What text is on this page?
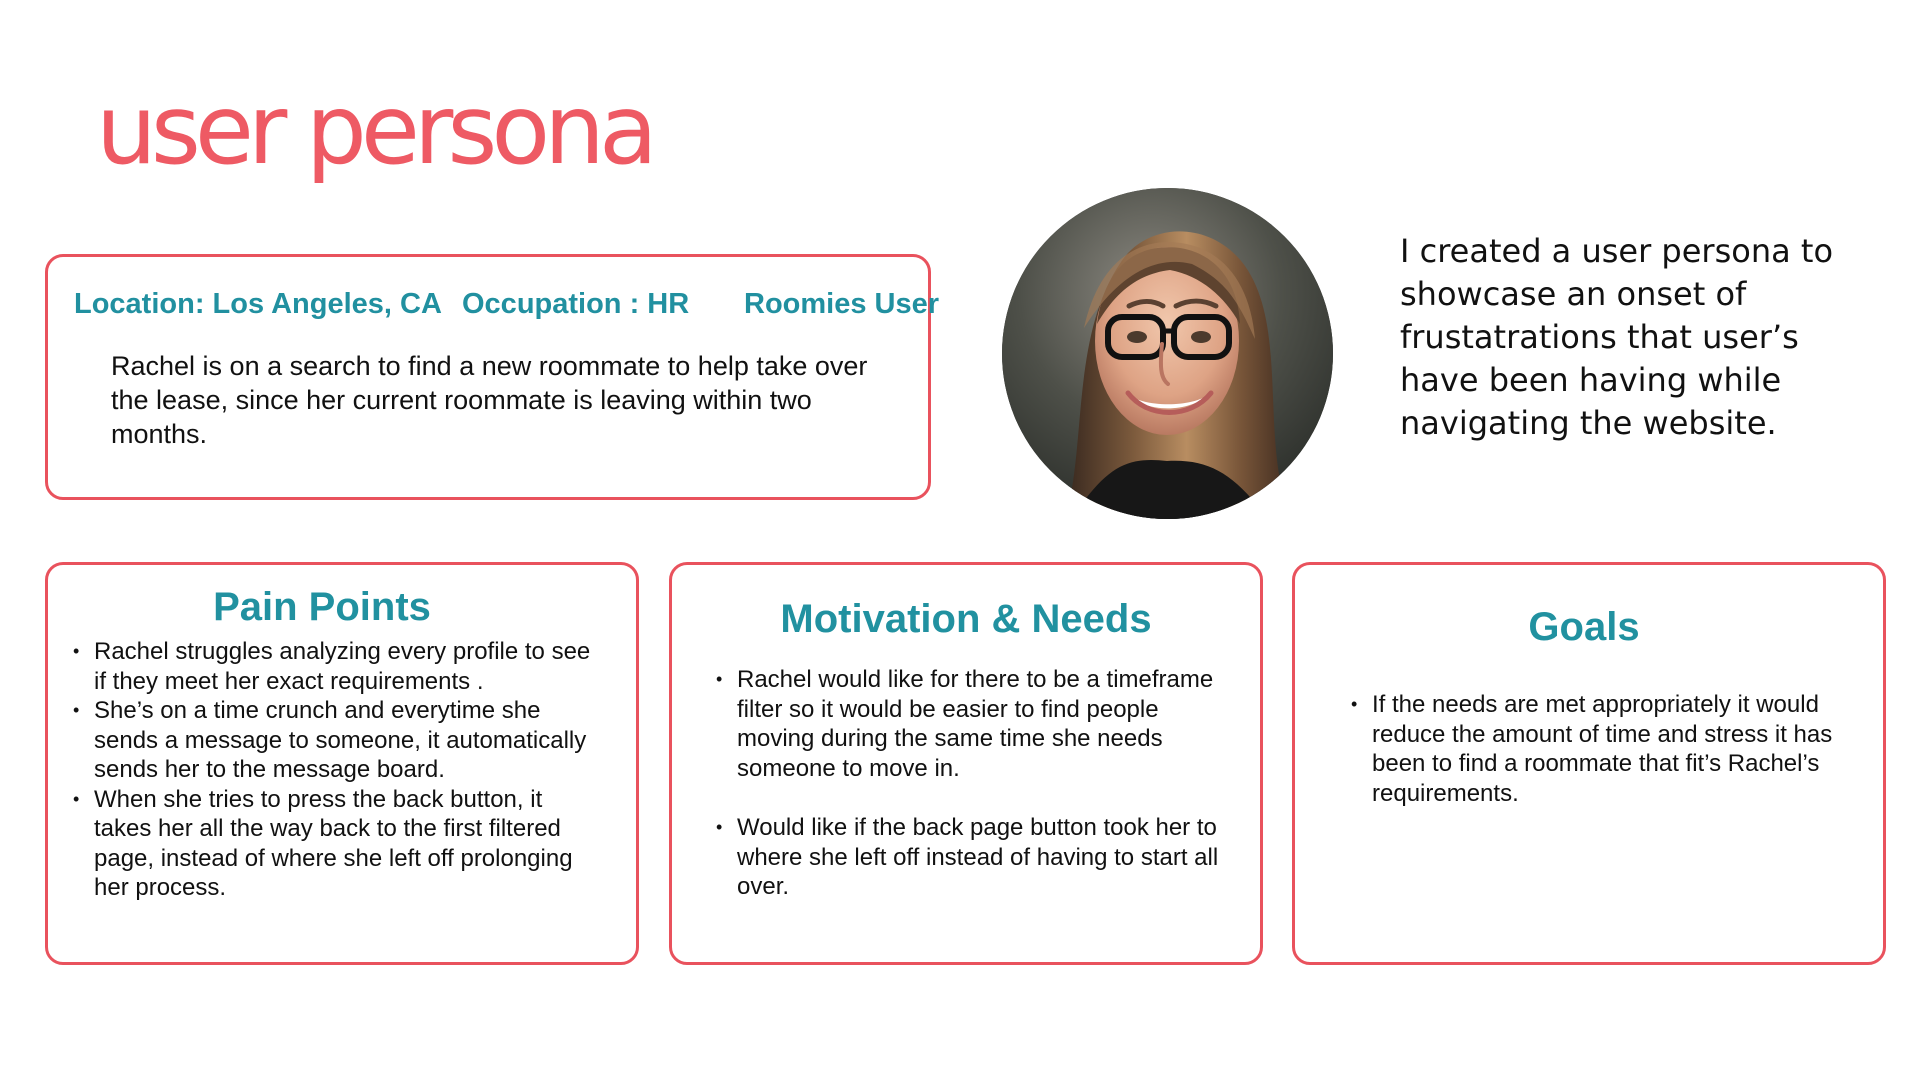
user persona
Location: Los Angeles, CA Occupation : HR Roomies User

Rachel is on a search to find a new roommate to help take over the lease, since her current roommate is leaving within two months.

I created a user persona to showcase an onset of frustatrations that user’s have been having while navigating the website.

Pain Points
• Rachel struggles analyzing every profile to see if they meet her exact requirements .
• She’s on a time crunch and everytime she sends a message to someone, it automatically sends her to the message board.
• When she tries to press the back button, it takes her all the way back to the first filtered page, instead of where she left off prolonging her process.
Motivation & Needs
• Rachel would like for there to be a timeframe filter so it would be easier to find people moving during the same time she needs someone to move in.
• Would like if the back page button took her to where she left off instead of having to start all over.
Goals
• If the needs are met appropriately it would reduce the amount of time and stress it has been to find a roommate that fit’s Rachel’s requirements.
